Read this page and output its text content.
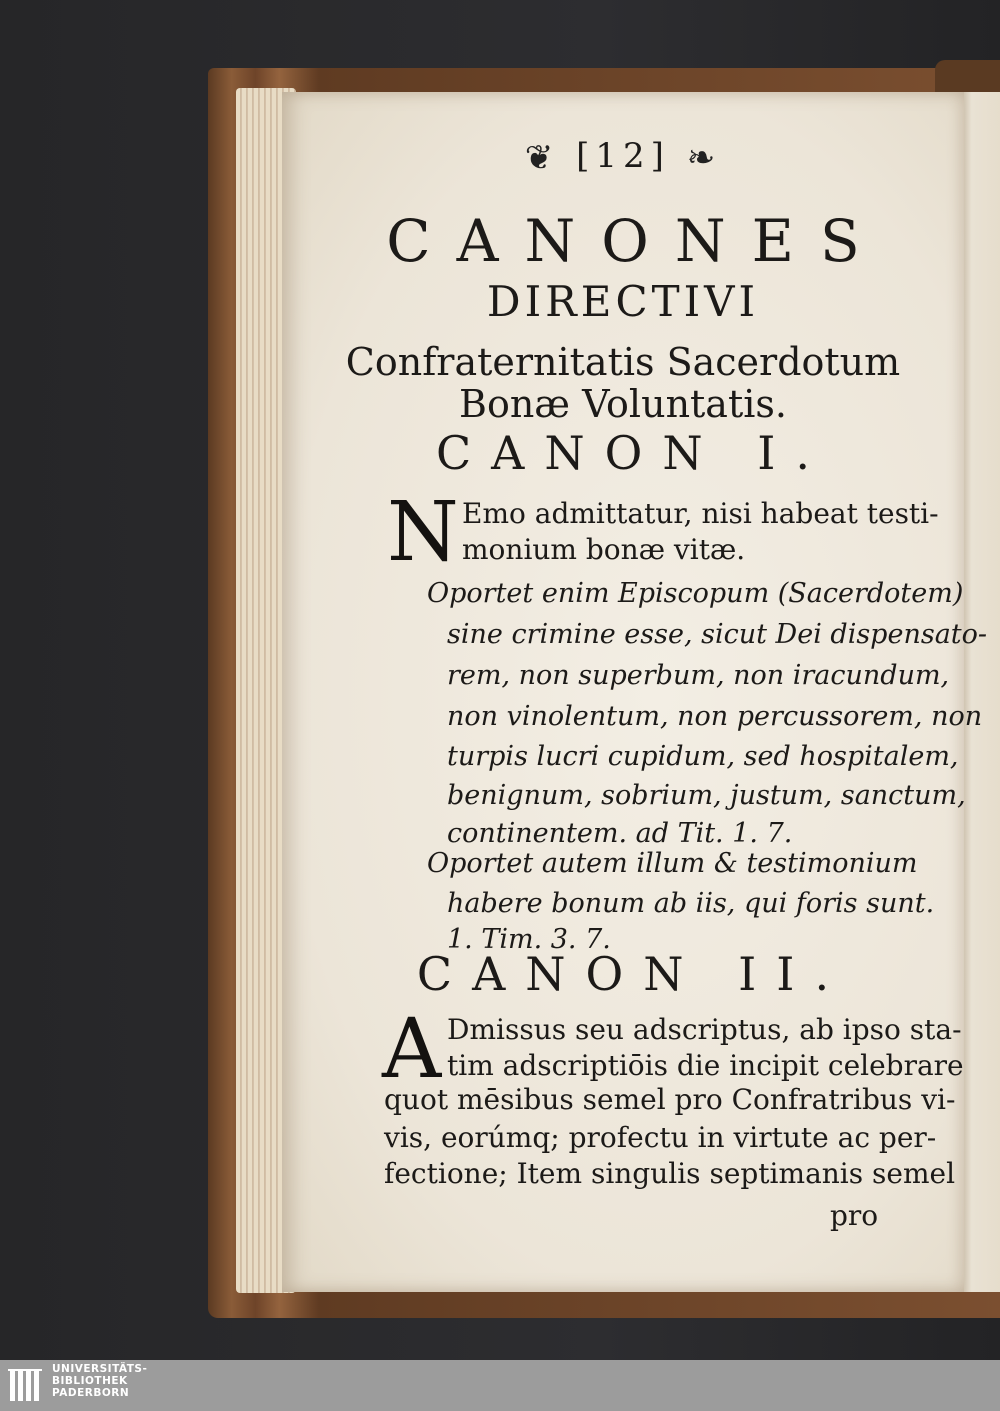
❦ [12] ❧
CANONES
DIRECTIVI
Confraternitatis Sacerdotum
Bonæ Voluntatis.
CANON I.
N Emo admittatur, nisi habeat testi-
monium bonæ vitæ.
Oportet enim Episcopum (Sacerdotem)
sine crimine esse, sicut Dei dispensato-
rem, non superbum, non iracundum,
non vinolentum, non percussorem, non
turpis lucri cupidum, sed hospitalem,
benignum, sobrium, justum, sanctum,
continentem. ad Tit. 1. 7.
Oportet autem illum & testimonium
habere bonum ab iis, qui foris sunt.
1. Tim. 3. 7.
CANON II.
A Dmissus seu adscriptus, ab ipso sta-
tim adscriptiōis die incipit celebrare
quot mēsibus semel pro Confratribus vi-
vis, eorúmq; profectu in virtute ac per-
fectione; Item singulis septimanis semel
pro
UNIVERSITÄTS-
BIBLIOTHEK
PADERBORN
